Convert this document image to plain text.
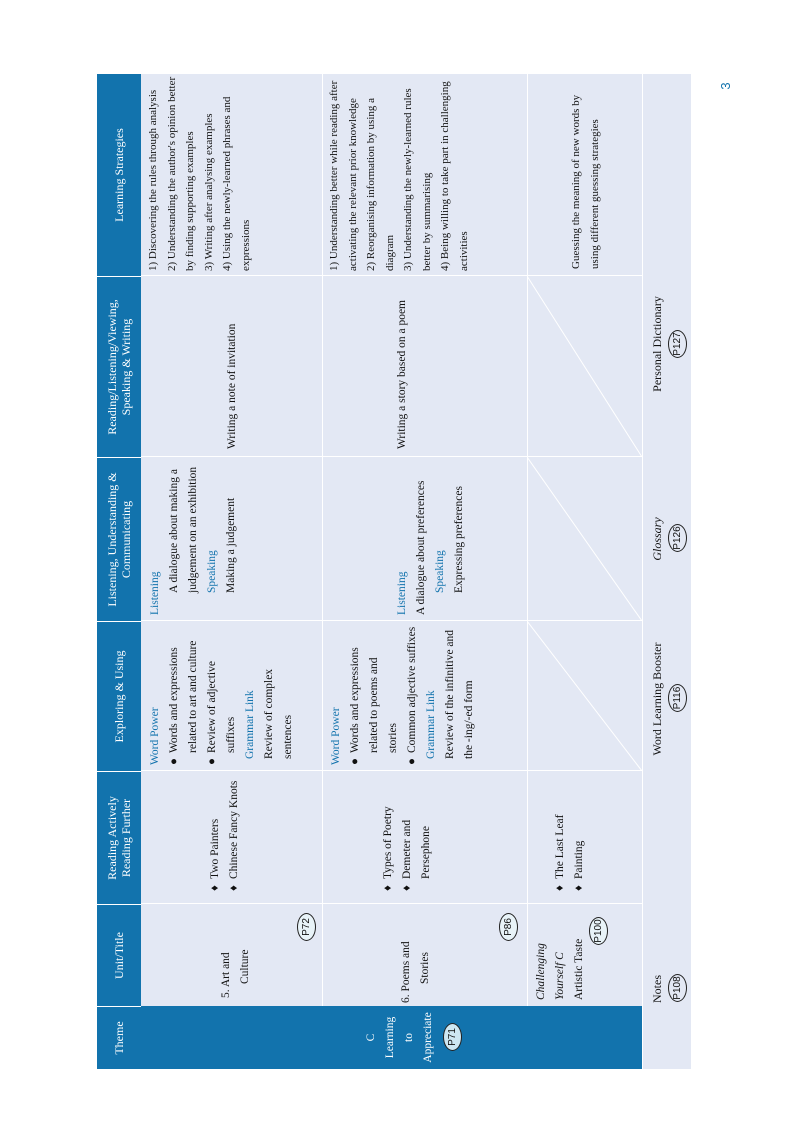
3
Theme
Unit/Title
Reading Actively Reading Further
Exploring & Using
Listening, Understanding & Communicating
Reading/Listening/Viewing, Speaking & Writing
Learning Strategies
C Learning to Appreciate	P71
5. Art and Culture
P72
♦
Two Painters
♦
Chinese Fancy Knots
Word Power ●
Words and expressions related to art and culture
●
Review of adjective suffixes Grammar Link Review of complex sentences
Listening
A dialogue about making a judgement on an exhibition Speaking Making a judgement
Writing a note of invitation
1) Discovering the rules through analysis 2) Understanding the author's opinion better by finding supporting examples 3) Writing after analysing examples 4) Using the newly-learned phrases and expressions
6. Poems and Stories
P86
♦
Types of Poetry
♦
Demeter and Persephone
Word Power ●
Words and expressions related to poems and stories
●
Common adjective suffixes Grammar Link Review of the infinitive and the -ing/-ed form
Listening A dialogue about preferences Speaking Expressing preferences
Writing a story based on a poem
1) Understanding better while reading after activating the relevant prior knowledge 2) Reorganising information by using a diagram 3) Understanding the newly-learned rules better by summarising 4) Being willing to take part in challenging activities
Challenging Yourself C Artistic Taste
P100
♦
The Last Leaf
♦
Painting
Guessing the meaning of new words by using different guessing strategies
Notes P108
Word Learning Booster P116
Glossary P126
Personal Dictionary P127
